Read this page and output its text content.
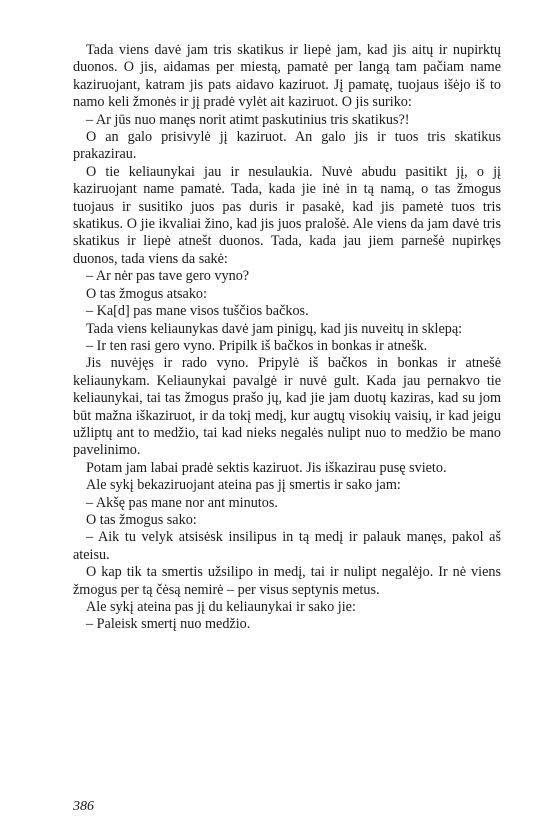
Tada viens davė jam tris skatikus ir liepė jam, kad jis aitų ir nupirktų duonos. O jis, aidamas per miestą, pamatė per langą tam pačiam name kaziruojant, katram jis pats aidavo kaziruot. Jį pamatę, tuojaus išėjo iš to namo keli žmonės ir jį pradė vylėt ait kaziruot. O jis suriko:

– Ar jūs nuo manęs norit atimt paskutinius tris skatikus?!

O an galo prisivylė jį kaziruot. An galo jis ir tuos tris skatikus prakazirau.

O tie keliaunykai jau ir nesulaukia. Nuvė abudu pasitikt jį, o jį kaziruojant name pamatė. Tada, kada jie inė in tą namą, o tas žmogus tuojaus ir susitiko juos pas duris ir pasakė, kad jis pametė tuos tris skatikus. O jie ikvaliai žino, kad jis juos pralošė. Ale viens da jam davė tris skatikus ir liepė atnešt duonos. Tada, kada jau jiem parnešė nupirkęs duonos, tada viens da sakė:

– Ar nėr pas tave gero vyno?

O tas žmogus atsako:

– Ka[d] pas mane visos tuščios bačkos.

Tada viens keliaunykas davė jam pinigų, kad jis nuveitų in sklepą:

– Ir ten rasi gero vyno. Pripilk iš bačkos in bonkas ir atnešk.

Jis nuvėjęs ir rado vyno. Pripylė iš bačkos in bonkas ir atnešė keliaunykam. Keliaunykai pavalgė ir nuvė gult. Kada jau pernakvo tie keliaunykai, tai tas žmogus prašo jų, kad jie jam duotų kaziras, kad su jom būt mažna iškaziruot, ir da tokį medį, kur augtų visokių vaisių, ir kad jeigu užliptų ant to medžio, tai kad nieks negalės nulipt nuo to medžio be mano pavelinimo.

Potam jam labai pradė sektis kaziruot. Jis iškazirau pusę svieto.

Ale sykį bekaziruojant ateina pas jį smertis ir sako jam:

– Akšę pas mane nor ant minutos.

O tas žmogus sako:

– Aik tu velyk atsisėsk insilipus in tą medį ir palauk manęs, pakol aš ateisu.

O kap tik ta smertis užsilipo in medį, tai ir nulipt negalėjo. Ir nė viens žmogus per tą čėsą nemirė – per visus septynis metus.

Ale sykį ateina pas jį du keliaunykai ir sako jie:

– Paleisk smertį nuo medžio.

386
